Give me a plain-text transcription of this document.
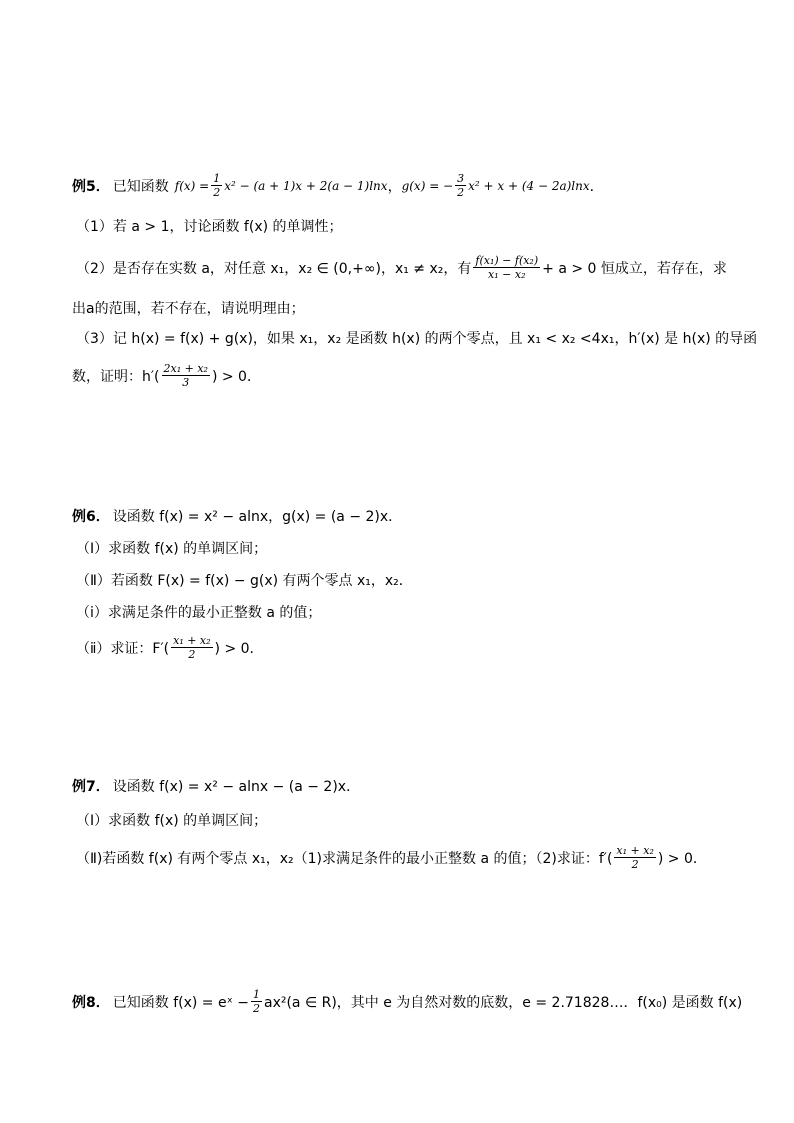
例5． 已知函数 $f(x) = \frac{1}{2} x^2 - (a + 1)x + 2(a - 1)\ln x$ ， g(x) = − $\frac{3}{2} x^2 + x + (4 - 2a)\ln x$ ．
（1）若 a > 1，讨论函数 f(x) 的单调性；
（2）是否存在实数 a，对任意 x₁，x₂ ∈ (0,+∞)，x₁ ≠ x₂，有 $\frac{\text{f(x₁) − f(x₂)}}{\text{x₁ − x₂}} + a > 0$ 恒成立，若存在，求
出a的范围，若不存在，请说明理由；
（3）记 h(x) = f(x) + g(x)，如果 x₁，x₂ 是函数 h(x) 的两个零点，且 x₁ < x₂ <4x₁，h′(x) 是 h(x) 的导函
数，证明：$h'( \frac{\text{2x₁ + x₂}}{3}$ ) > 0．
例6． 设函数 f(x) = x² − alnx，g(x) = (a − 2)x．
（Ⅰ）求函数 f(x) 的单调区间；
（Ⅱ）若函数 F(x) = f(x) − g(x) 有两个零点 x₁，x₂．
（ⅰ）求满足条件的最小正整数 a 的值；
（ⅱ）求证：$F'( \frac{\text{x₁ + x₂}}{2}$ ) > 0．
例7． 设函数 f(x) = x² − alnx − (a − 2)x．
（Ⅰ）求函数 f(x) 的单调区间；
（Ⅱ)若函数 f(x) 有两个零点 x₁，x₂（1)求满足条件的最小正整数 a 的值；（2)求证：$f'( \frac{\text{x₁ + x₂}}{2}$ ) > 0．
例8． 已知函数 f(x) = eˣ − $\frac{1}{2} ax^2(a$ ∈ R)，其中 e 为自然对数的底数，e = 2.71828…．f(x₀) 是函数 f(x)
